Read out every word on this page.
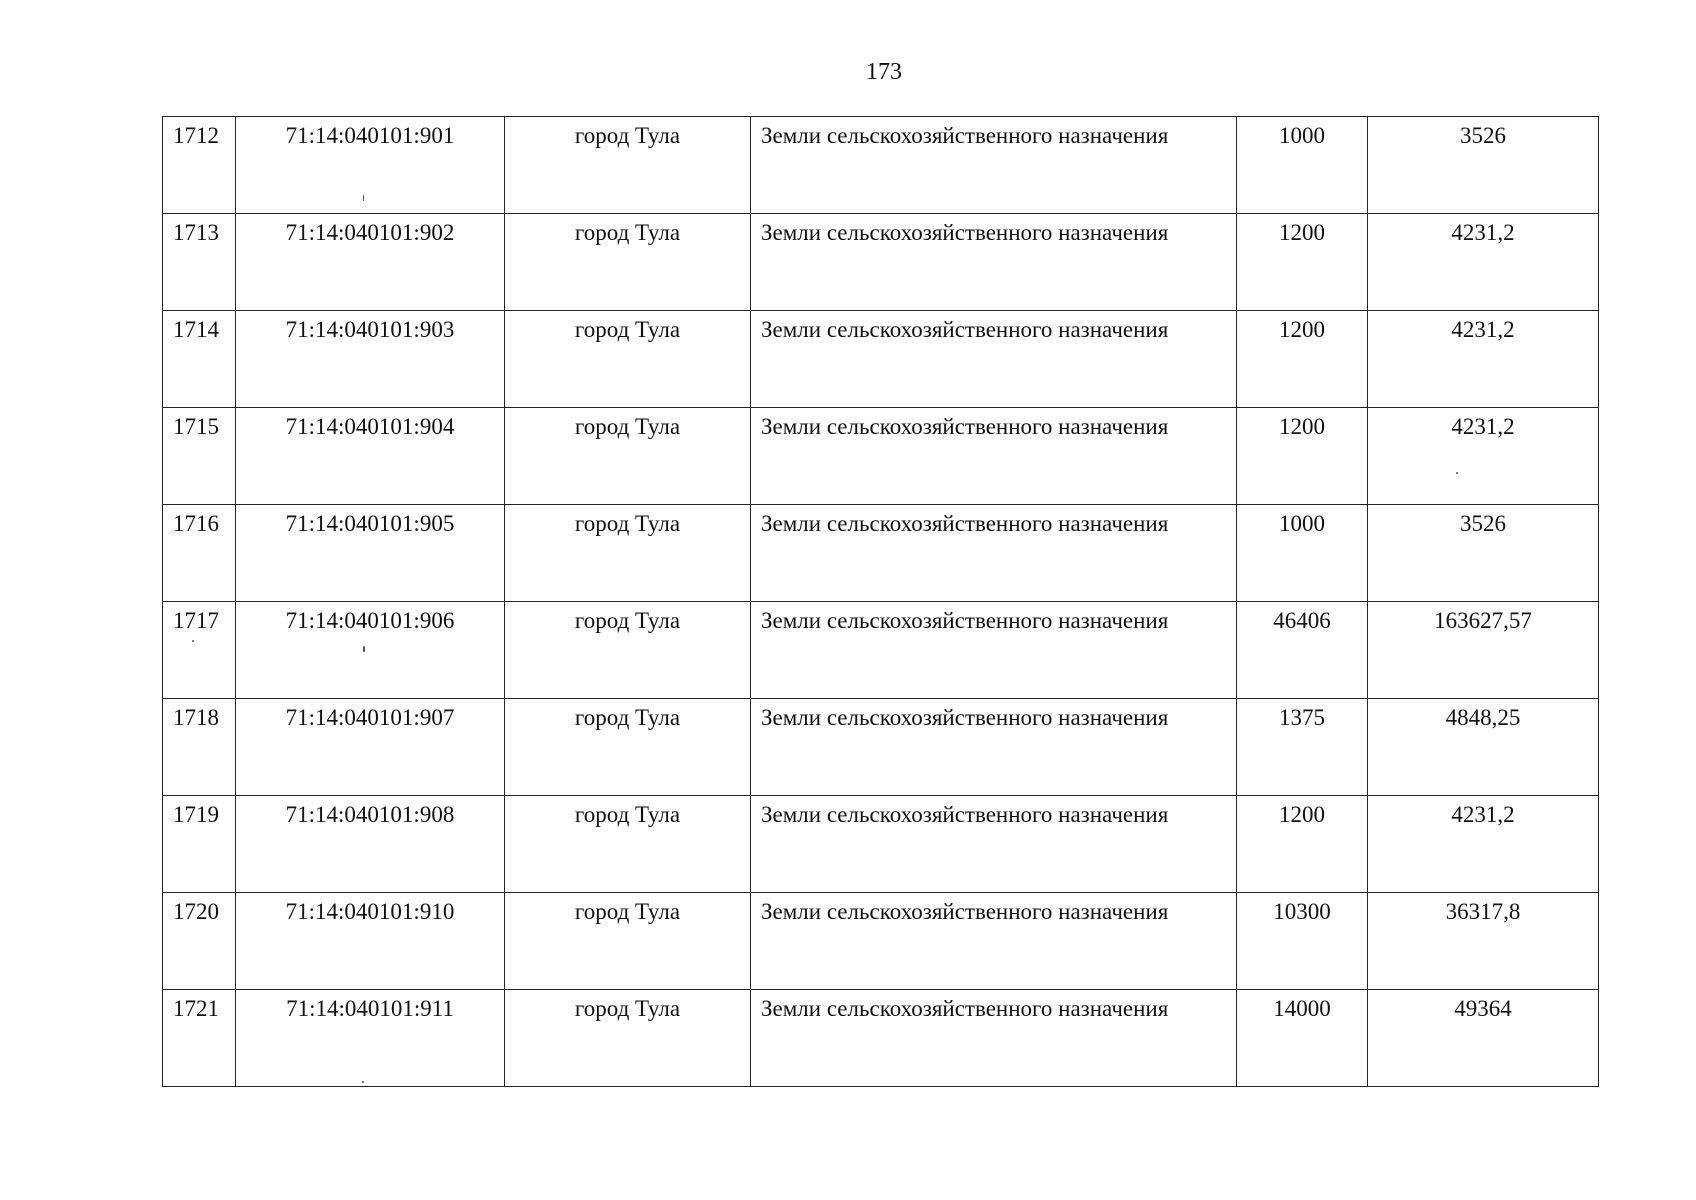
173
1712	71:14:040101:901	город Тула	Земли сельскохозяйственного назначения	1000	3526
1713	71:14:040101:902	город Тула	Земли сельскохозяйственного назначения	1200	4231,2
1714	71:14:040101:903	город Тула	Земли сельскохозяйственного назначения	1200	4231,2
1715	71:14:040101:904	город Тула	Земли сельскохозяйственного назначения	1200	4231,2
1716	71:14:040101:905	город Тула	Земли сельскохозяйственного назначения	1000	3526
1717	71:14:040101:906	город Тула	Земли сельскохозяйственного назначения	46406	163627,57
1718	71:14:040101:907	город Тула	Земли сельскохозяйственного назначения	1375	4848,25
1719	71:14:040101:908	город Тула	Земли сельскохозяйственного назначения	1200	4231,2
1720	71:14:040101:910	город Тула	Земли сельскохозяйственного назначения	10300	36317,8
1721	71:14:040101:911	город Тула	Земли сельскохозяйственного назначения	14000	49364
